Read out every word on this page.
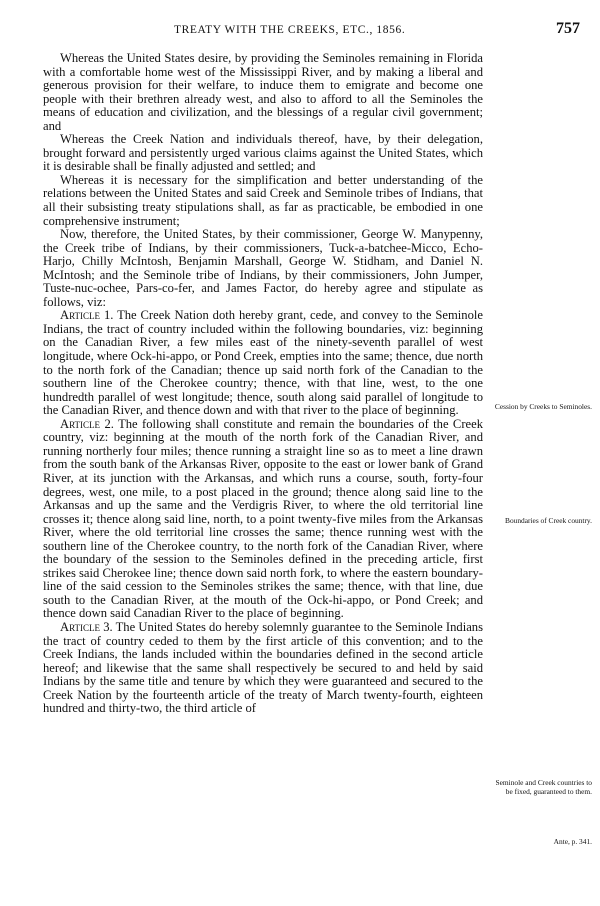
TREATY WITH THE CREEKS, ETC., 1856.	757

Whereas the United States desire, by providing the Seminoles remaining in Florida with a comfortable home west of the Mississippi River, and by making a liberal and generous provision for their welfare, to induce them to emigrate and become one people with their brethren already west, and also to afford to all the Seminoles the means of education and civilization, and the blessings of a regular civil government; and

Whereas the Creek Nation and individuals thereof, have, by their delegation, brought forward and persistently urged various claims against the United States, which it is desirable shall be finally adjusted and settled; and

Whereas it is necessary for the simplification and better understanding of the relations between the United States and said Creek and Seminole tribes of Indians, that all their subsisting treaty stipulations shall, as far as practicable, be embodied in one comprehensive instrument;

Now, therefore, the United States, by their commissioner, George W. Manypenny, the Creek tribe of Indians, by their commissioners, Tuck-a-batchee-Micco, Echo-Harjo, Chilly McIntosh, Benjamin Marshall, George W. Stidham, and Daniel N. McIntosh; and the Seminole tribe of Indians, by their commissioners, John Jumper, Tuste-nuc-ochee, Pars-co-fer, and James Factor, do hereby agree and stipulate as follows, viz:

Article 1. The Creek Nation doth hereby grant, cede, and convey to the Seminole Indians, the tract of country included within the following boundaries, viz: beginning on the Canadian River, a few miles east of the ninety-seventh parallel of west longitude, where Ock-hi-appo, or Pond Creek, empties into the same; thence, due north to the north fork of the Canadian; thence up said north fork of the Canadian to the southern line of the Cherokee country; thence, with that line, west, to the one hundredth parallel of west longitude; thence, south along said parallel of longitude to the Canadian River, and thence down and with that river to the place of beginning.

Article 2. The following shall constitute and remain the boundaries of the Creek country, viz: beginning at the mouth of the north fork of the Canadian River, and running northerly four miles; thence running a straight line so as to meet a line drawn from the south bank of the Arkansas River, opposite to the east or lower bank of Grand River, at its junction with the Arkansas, and which runs a course, south, forty-four degrees, west, one mile, to a post placed in the ground; thence along said line to the Arkansas and up the same and the Verdigris River, to where the old territorial line crosses it; thence along said line, north, to a point twenty-five miles from the Arkansas River, where the old territorial line crosses the same; thence running west with the southern line of the Cherokee country, to the north fork of the Canadian River, where the boundary of the session to the Seminoles defined in the preceding article, first strikes said Cherokee line; thence down said north fork, to where the eastern boundary-line of the said cession to the Seminoles strikes the same; thence, with that line, due south to the Canadian River, at the mouth of the Ock-hi-appo, or Pond Creek; and thence down said Canadian River to the place of beginning.

Article 3. The United States do hereby solemnly guarantee to the Seminole Indians the tract of country ceded to them by the first article of this convention; and to the Creek Indians, the lands included within the boundaries defined in the second article hereof; and likewise that the same shall respectively be secured to and held by said Indians by the same title and tenure by which they were guaranteed and secured to the Creek Nation by the fourteenth article of the treaty of March twenty-fourth, eighteen hundred and thirty-two, the third article of

Cession by Creeks to Seminoles.
Boundaries of Creek country.
Seminole and Creek countries to be fixed, guaranteed to them.
Ante, p. 341.
